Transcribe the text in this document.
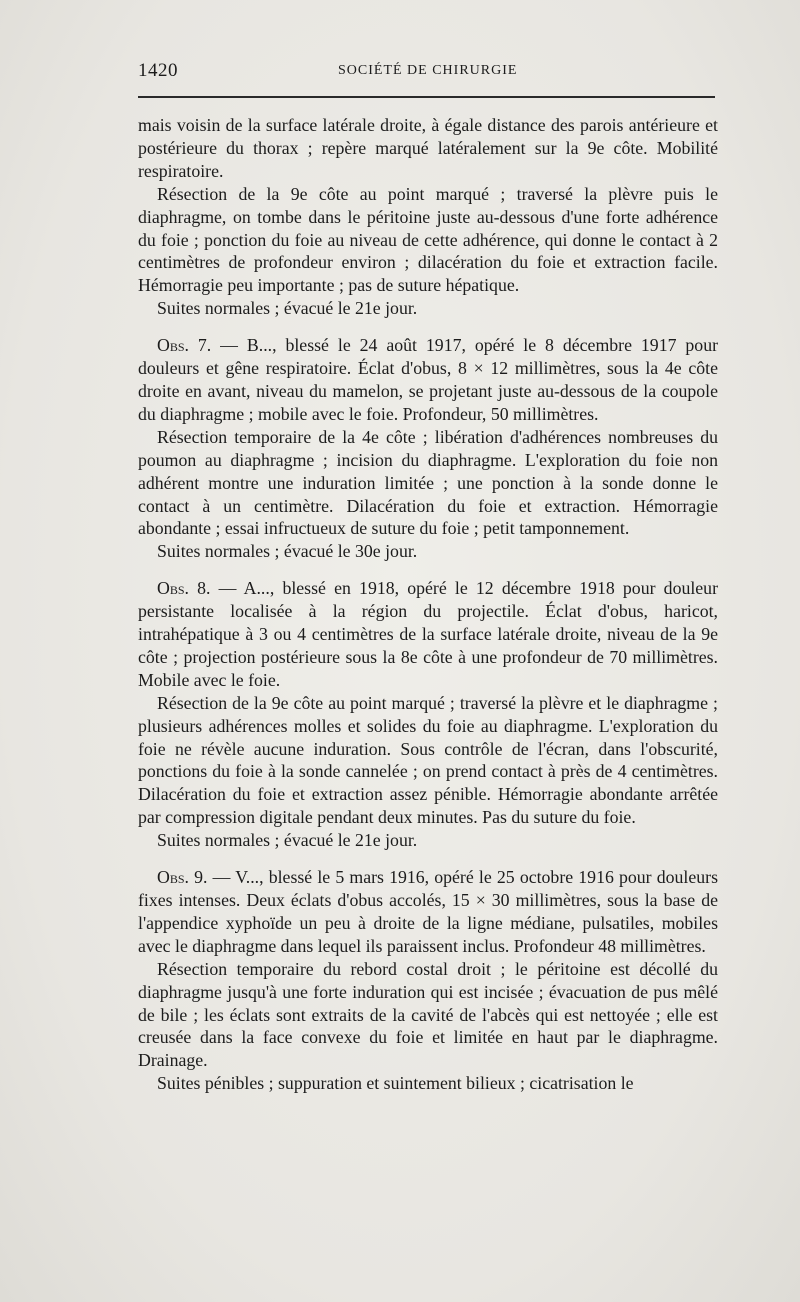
1420	SOCIÉTÉ DE CHIRURGIE

mais voisin de la surface latérale droite, à égale distance des parois antérieure et postérieure du thorax ; repère marqué latéralement sur la 9e côte. Mobilité respiratoire.

Résection de la 9e côte au point marqué ; traversé la plèvre puis le diaphragme, on tombe dans le péritoine juste au-dessous d'une forte adhérence du foie ; ponction du foie au niveau de cette adhérence, qui donne le contact à 2 centimètres de profondeur environ ; dilacération du foie et extraction facile. Hémorragie peu importante ; pas de suture hépatique.

Suites normales ; évacué le 21e jour.

Obs. 7. — B..., blessé le 24 août 1917, opéré le 8 décembre 1917 pour douleurs et gêne respiratoire. Éclat d'obus, 8 × 12 millimètres, sous la 4e côte droite en avant, niveau du mamelon, se projetant juste au-dessous de la coupole du diaphragme ; mobile avec le foie. Profondeur, 50 millimètres.

Résection temporaire de la 4e côte ; libération d'adhérences nombreuses du poumon au diaphragme ; incision du diaphragme. L'exploration du foie non adhérent montre une induration limitée ; une ponction à la sonde donne le contact à un centimètre. Dilacération du foie et extraction. Hémorragie abondante ; essai infructueux de suture du foie ; petit tamponnement.

Suites normales ; évacué le 30e jour.

Obs. 8. — A..., blessé en 1918, opéré le 12 décembre 1918 pour douleur persistante localisée à la région du projectile. Éclat d'obus, haricot, intrahépatique à 3 ou 4 centimètres de la surface latérale droite, niveau de la 9e côte ; projection postérieure sous la 8e côte à une profondeur de 70 millimètres. Mobile avec le foie.

Résection de la 9e côte au point marqué ; traversé la plèvre et le diaphragme ; plusieurs adhérences molles et solides du foie au diaphragme. L'exploration du foie ne révèle aucune induration. Sous contrôle de l'écran, dans l'obscurité, ponctions du foie à la sonde cannelée ; on prend contact à près de 4 centimètres. Dilacération du foie et extraction assez pénible. Hémorragie abondante arrêtée par compression digitale pendant deux minutes. Pas du suture du foie.

Suites normales ; évacué le 21e jour.

Obs. 9. — V..., blessé le 5 mars 1916, opéré le 25 octobre 1916 pour douleurs fixes intenses. Deux éclats d'obus accolés, 15 × 30 millimètres, sous la base de l'appendice xyphoïde un peu à droite de la ligne médiane, pulsatiles, mobiles avec le diaphragme dans lequel ils paraissent inclus. Profondeur 48 millimètres.

Résection temporaire du rebord costal droit ; le péritoine est décollé du diaphragme jusqu'à une forte induration qui est incisée ; évacuation de pus mêlé de bile ; les éclats sont extraits de la cavité de l'abcès qui est nettoyée ; elle est creusée dans la face convexe du foie et limitée en haut par le diaphragme. Drainage.

Suites pénibles ; suppuration et suintement bilieux ; cicatrisation le
